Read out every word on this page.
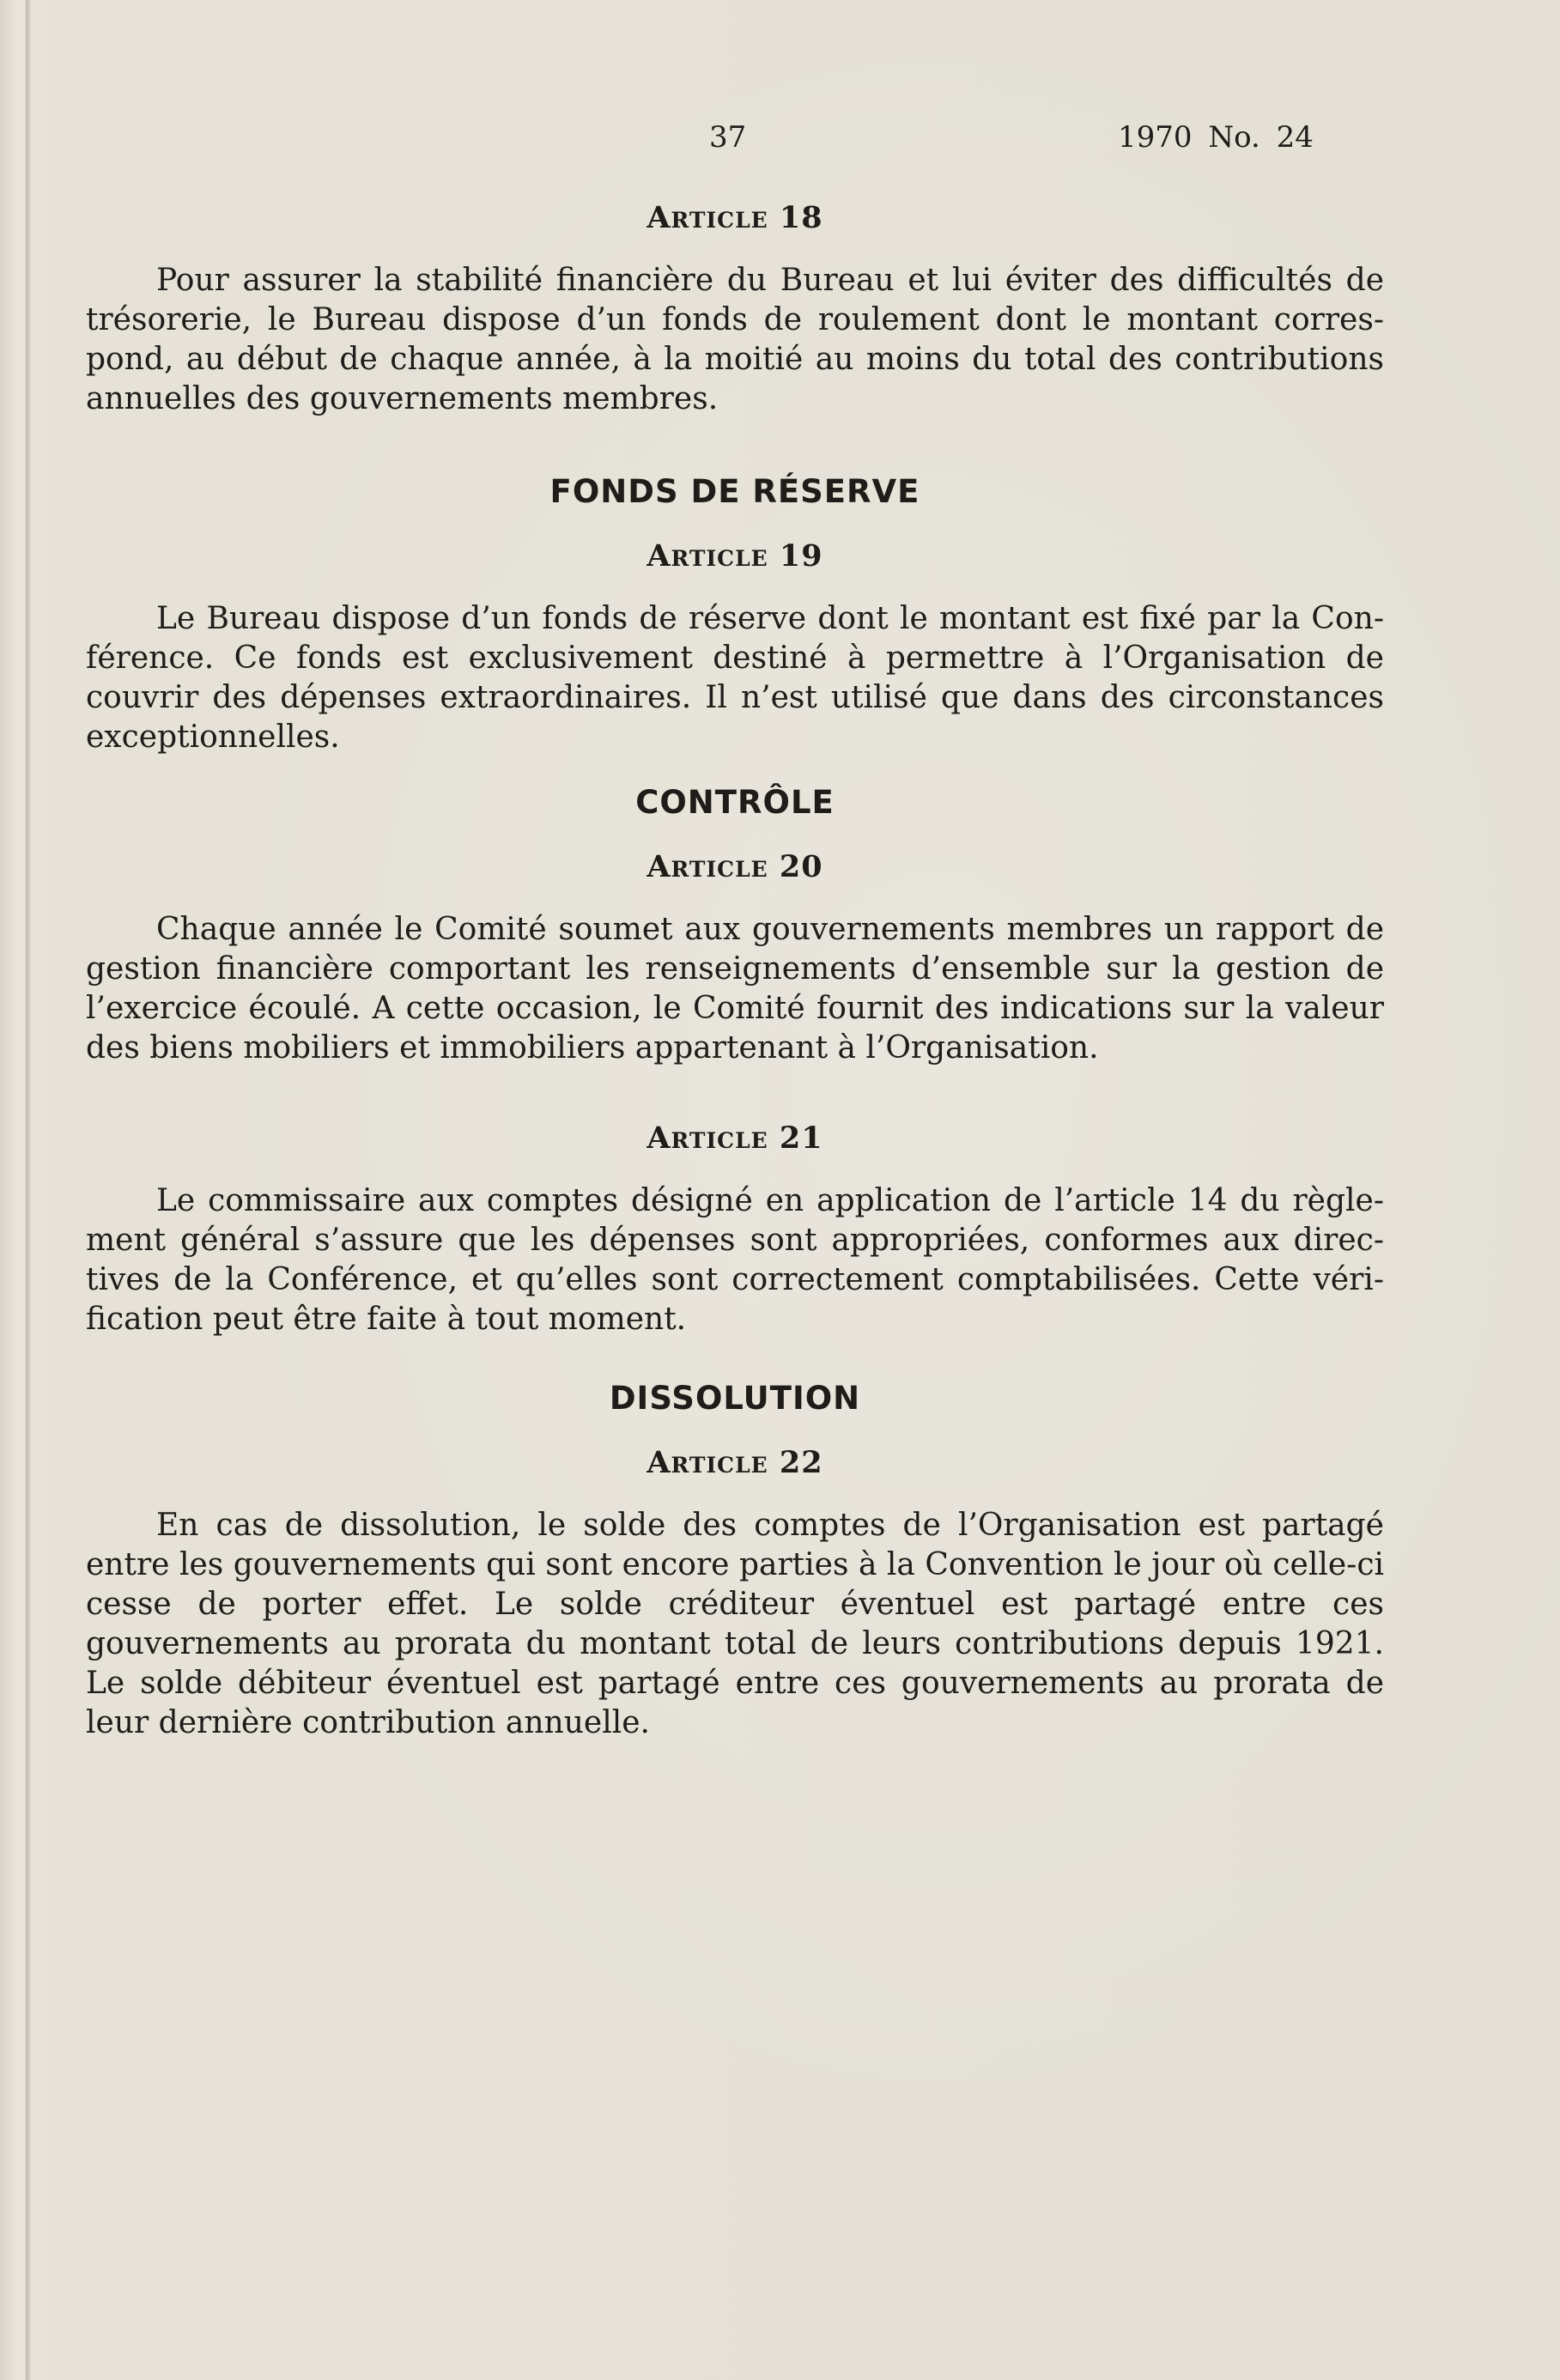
37	1970 No. 24
Article 18

Pour assurer la stabilité financière du Bureau et lui éviter des difficultés de trésorerie, le Bureau dispose d’un fonds de roulement dont le montant correspond, au début de chaque année, à la moitié au moins du total des contributions annuelles des gouvernements membres.

FONDS DE RÉSERVE
Article 19

Le Bureau dispose d’un fonds de réserve dont le montant est fixé par la Conférence. Ce fonds est exclusivement destiné à permettre à l’Organisation de couvrir des dépenses extraordinaires. Il n’est utilisé que dans des circonstances exceptionnelles.

CONTRÔLE
Article 20

Chaque année le Comité soumet aux gouvernements membres un rapport de gestion financière comportant les renseignements d’ensemble sur la gestion de l’exercice écoulé. A cette occasion, le Comité fournit des indications sur la valeur des biens mobiliers et immobiliers appartenant à l’Organisation.

Article 21

Le commissaire aux comptes désigné en application de l’article 14 du règlement général s’assure que les dépenses sont appropriées, conformes aux directives de la Conférence, et qu’elles sont correctement comptabilisées. Cette vérification peut être faite à tout moment.

DISSOLUTION
Article 22

En cas de dissolution, le solde des comptes de l’Organisation est partagé entre les gouvernements qui sont encore parties à la Convention le jour où celle-ci cesse de porter effet. Le solde créditeur éventuel est partagé entre ces gouvernements au prorata du montant total de leurs contributions depuis 1921. Le solde débiteur éventuel est partagé entre ces gouvernements au prorata de leur dernière contribution annuelle.
